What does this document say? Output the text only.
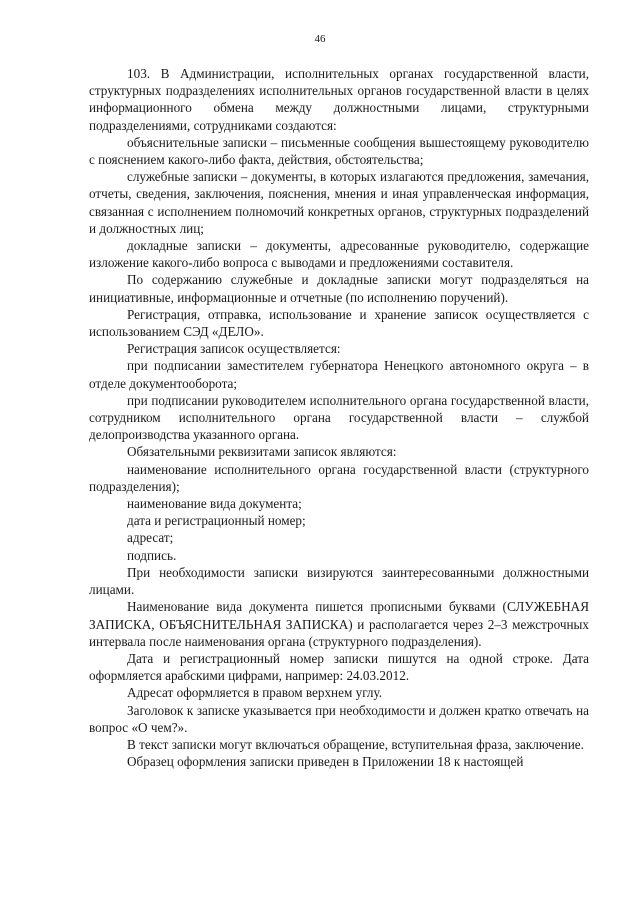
46

103. В Администрации, исполнительных органах государственной власти, структурных подразделениях исполнительных органов государственной власти в целях информационного обмена между должностными лицами, структурными подразделениями, сотрудниками создаются:

объяснительные записки – письменные сообщения вышестоящему руководителю с пояснением какого-либо факта, действия, обстоятельства;

служебные записки – документы, в которых излагаются предложения, замечания, отчеты, сведения, заключения, пояснения, мнения и иная управленческая информация, связанная с исполнением полномочий конкретных органов, структурных подразделений и должностных лиц;

докладные записки – документы, адресованные руководителю, содержащие изложение какого-либо вопроса с выводами и предложениями составителя.

По содержанию служебные и докладные записки могут подразделяться на инициативные, информационные и отчетные (по исполнению поручений).

Регистрация, отправка, использование и хранение записок осуществляется с использованием СЭД «ДЕЛО».

Регистрация записок осуществляется:

при подписании заместителем губернатора Ненецкого автономного округа – в отделе документооборота;

при подписании руководителем исполнительного органа государственной власти, сотрудником исполнительного органа государственной власти – службой делопроизводства указанного органа.

Обязательными реквизитами записок являются:

наименование исполнительного органа государственной власти (структурного подразделения);

наименование вида документа;

дата и регистрационный номер;

адресат;

подпись.

При необходимости записки визируются заинтересованными должностными лицами.

Наименование вида документа пишется прописными буквами (СЛУЖЕБНАЯ ЗАПИСКА, ОБЪЯСНИТЕЛЬНАЯ ЗАПИСКА) и располагается через 2–3 межстрочных интервала после наименования органа (структурного подразделения).

Дата и регистрационный номер записки пишутся на одной строке. Дата оформляется арабскими цифрами, например: 24.03.2012.

Адресат оформляется в правом верхнем углу.

Заголовок к записке указывается при необходимости и должен кратко отвечать на вопрос «О чем?».

В текст записки могут включаться обращение, вступительная фраза, заключение.

Образец оформления записки приведен в Приложении 18 к настоящей
